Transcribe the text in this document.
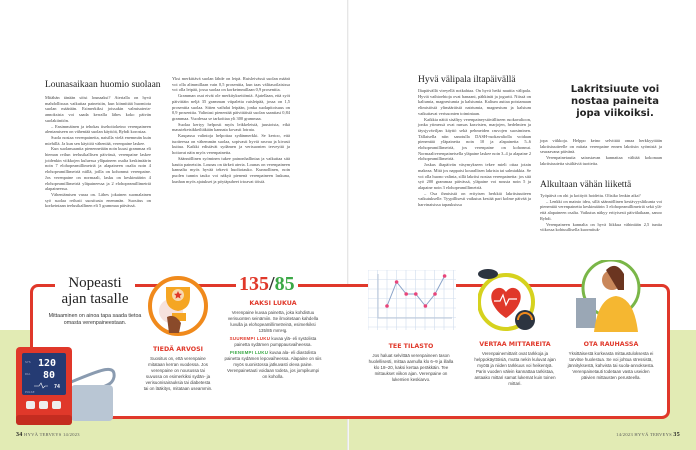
Lounasaikaan huomio suolaan

Mitähän tänään söisi lounaaksi? Aterialla on hyvä mahdollisuus vaikuttaa painetsiin, kun kiinnittää huomiota suolan määrään. Esimerkiksi joissakin valmisateria-annoksista voi saada kerralla lähes koko päivän suolakiintiön.

– Ensimmäinen ja tehokas itsehoitokeino verenpaineen alentamiseen on vähentää suolan käyttöä, Rybdi korostaa.

Suola nostaa verenpainetta, naisilla vielä enemmän kuin miehillä. Ja kun sen käyttöä vähentää, verenpaine laskee.

Kun suolansaantia pienennetään noin kuusi grammaa eli hieman reilun teelusikallisen päivässä, verenpaine laskee joidenkin viikkojen kuluessa ylãpaineen osalta keskimäärin noin 7 elohopeamillimetriä ja alapaineen osalta noin 4 elohopeamillimetriä niillä, joilla on kohonnut verenpaine. Jos verenpaine on normaali, lasku on keskimäärin 4 elohopeamillimetriä yläpaineessa ja 2 elohopeamillimetriä alapaineessa.

Vähentämisen varaa on. Lähes jokainen suomalainen syö suolaa reilusti suositusta enemmän. Suositus on korkeintaan teelusikallinen eli 5 grammaa päivässä.

Yksi merkittävä suolan lähde on leipä. Ruisleivässä suolan määrä voi olla alimmillaan vain 0,5 prosenttia, kun taas välitasoilaisissa voi olla leipää, jossa suolaa on korkeimmillaan 0,9 prosenttia.

Gramman osat eivät ole merkityksettömiä. Ajatellaan, että syöt päivittäin neljä 35 gramman viipaletta ruisleipää, jossa on 1,5 prosenttia suolaa. Sitten vaihdat leipään, jonka suolapitoisuus on 0,9 prosenttia. Valintasi pienentää päivittäistä suolan saantiasi 0,84 grammaa. Vuodessa se tarkoittaa yli 300 grammaa.

Suolaa kertyy helposti myös leikkeleistä, juustoista, eikä mausteketsikkeiltäkään kannata kovasti lotrata.

Kaupassa valintoja helpottaa sydänmerkki. Se kertoo, että tuotteessa on vähemmän suolaa, sopivasti hyviä rasvaa ja kivasti kuitua. Kaikki edistävät sydämen ja verisuonten terveyttä ja hoitavat näin myös verenpainetta.

Säännöllinen syöminen tukee painonhallintaa ja vaikuttaa sitä kautta painetsiin. Lounas on tärkeä ateria. Lounas on verenpaineen kannalta myös hyvää tekevä huoltotauko. Kunnollinen, noin puolen tunnin tauko voi näkyä pienenä verenpaineen laskuna, kunhan myös ajatukset ja pöytäpuheet irtoavat töistä.

Hyvä välipala iltapäivällä

Iltapäivällä vireyellä notkahtaa. On hyvä hetki nauttia välipala. Hyviä vaihtoehtoja ovat banaani, pähkinät ja jogurtti. Niissä on kaliumia, magnesiumia ja kalsiumia. Kalium auttaa poistamaan elimistöstä ylimääräistä natriumia, magnesium ja kalsium vaikuttavat verisuonten toimintaan.

Kaikkia näitä sisältyy verenpaineystävälliseen ruokavalioon, jonka ytimessä ovat runsas kasvisten, marjojen, hedelmien ja täysjyväviljan käyttö sekä pehmeiden rasvojen suosiminen. Tällaisella niin sanotulla DASH-ruokavaliolla voidaan pienentää yläpainetta noin 10 ja alapainetta 5–6 elohopeamillimetriä, jos verenpaine on kohonnut. Normaaliverenpaineisella yläpaine laskee noin 3–4 ja alapaine 2 elohopeamillimetriä.

Joskus iltapäivän väsymykseen tekee mieli ottaa jotain makeaa. Mitä jos nappaisi kourallisen lakrisia tai salmiakkia. Se voi olla huono valinta, sillä lakritsi nostaa verenpainetta: jos sitä syö 200 grammaa päivässä, yläpaine voi nousta noin 5 ja alapaine noin 3 elohopeamillimetriä.

– Osa ihmisistä on erityisen herkkiä lakritsiuutteen vaikutukselle. Tyypillisesti vaikutus kestää pari kolme päivää ja harvinaisissa tapauksissa

Lakritsiuute voi nostaa paineita jopa viikoiksi.

jopa viikkoja. Helppo keino selvittää omaa herkkyyttään lakritsiuutteelle on mitata verenpaine ennen lakritsin syömistä ja seuraavana päivänä.

Verenpainetautia sairastavan kannattaa välttää kokonaan lakritsiuutetta sisältäviä tuotteita.

Alkultaan vähän liikettä

Työpäivä on ohi ja kotityöt hoidettu. Olisiko lenkin aika?

– Lenkki on mainio idea, sillä säännöllinen kestävyysliikunta voi pienentää verenpainetta keskimäärin 3 elohopeamillimetriä sekä ylä- että alapaineen osalta. Vaikutus näkyy erityisesti päivälaikaan, sanoo Rybdi.

Verenpaineen kannalta on hyvä liikkua vähintään 2,5 tuntia viikossa kohtuullisella kuormituk-

Nopeasti ajan tasalle
Mittaaminen on ainoa tapa saada tietoa omasta verenpaineestaan.
SYS
DIA
PULSE
120
80
74
TIEDÄ ARVOSI
Suositus on, että verenpaine mitataan kerran vuodessa. Jos verenpaine on nousussa tai suvussa on esimerkiksi sydän- ja verisuonisairauksia tai diabetesta tai on lääkitys, mitataan useammin.
135/85
KAKSI LUKUA
Verenpaine kuvaa painetta, joka kohdistuu verisuonten seinämiin. Se ilmoitetaan kahdella luvulla ja elohopeamillimetreinä, esimerkiksi 135/85 mmHg.
SUUREMPI LUKU kuvaa ylä- eli systolista painetta sydämen pumppausvaiheessa.
PIENEMPI LUKU kuvaa ala- eli diastolista painetta sydämen lepovaiheessa. Alapaine on siis myös suonistossa jatkuvasti oleva paine. Verenpainetauti voidaan todeta, jos jompikumpi on koholla.
TEE TILASTO
Jos haluat selvittää verenpaineen tason huolellisesti, mittaa aamulla klo 6–9 ja illalla klo 18–20, kaksi kertaa peräkkäin. Tee mittaukset viikon ajan. Verenpaine on lukemien keskiarvo.
VERTAA MITTAREITA
Verenpainemittarit ovat tarkkoja ja helppokäyttöisiä, mutta nekin kuluvat ajan myötä ja niiden tarkkuus voi heikentyä. Parin vuoden välein kannattaa tarkistaa, antaako mittari samat lukemat kuin toinen mittari.
OTA RAUHASSA
Yksittäisestä korkeasta mittaustuloksesta ei tarvitse huolestua. Se voi johtua stressistä, jännityksestä, kahvista tai suola-annoksesta. Verenpainetauti todetaan vasta useiden päivien mittausten perusteella.
34 HYVÄ TERVEYS 14/2023	14/2023 HYVÄ TERVEYS 35
